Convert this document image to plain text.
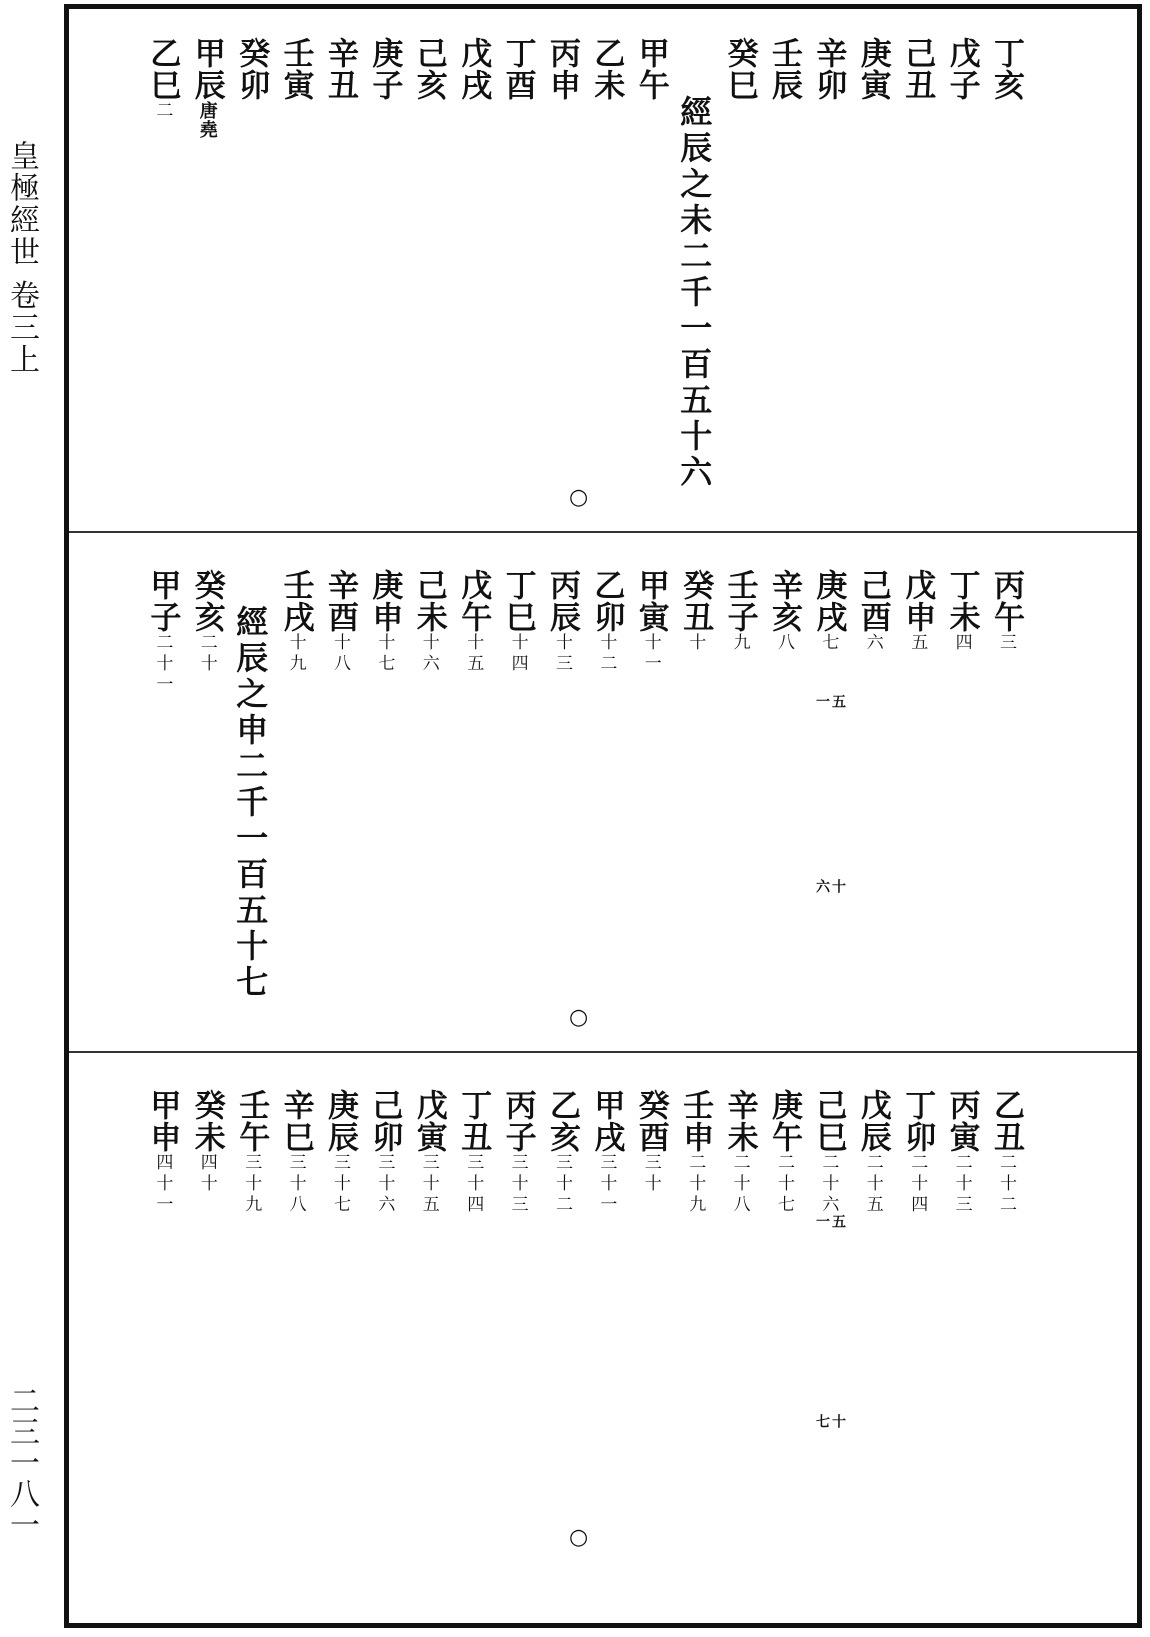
皇極經世 卷三上
二三一八一
丁亥
戊子
己丑
庚寅
辛卯
壬辰
癸巳
甲午
乙未
丙申
丁酉
戊戌
己亥
庚子
辛丑
壬寅
癸卯
甲辰唐堯
乙巳二	經辰之未二千一百五十六
○
丙午三
丁未四
戊申五
己酉六
庚戌七
辛亥八
壬子九
癸丑十
甲寅十一
乙卯十二
丙辰十三
丁巳十四
戊午十五
己未十六
庚申十七
辛酉十八
壬戌十九
癸亥二十
甲子二十一 經辰之申二千一百五十七	五一
十六
○
乙丑二十二
丙寅二十三
丁卯二十四
戊辰二十五
己巳二十六
庚午二十七
辛未二十八
壬申二十九
癸酉三十
甲戌三十一
乙亥三十二
丙子三十三
丁丑三十四
戊寅三十五
己卯三十六
庚辰三十七
辛巳三十八
壬午三十九
癸未四十
甲申四十一
五一
十七
○
